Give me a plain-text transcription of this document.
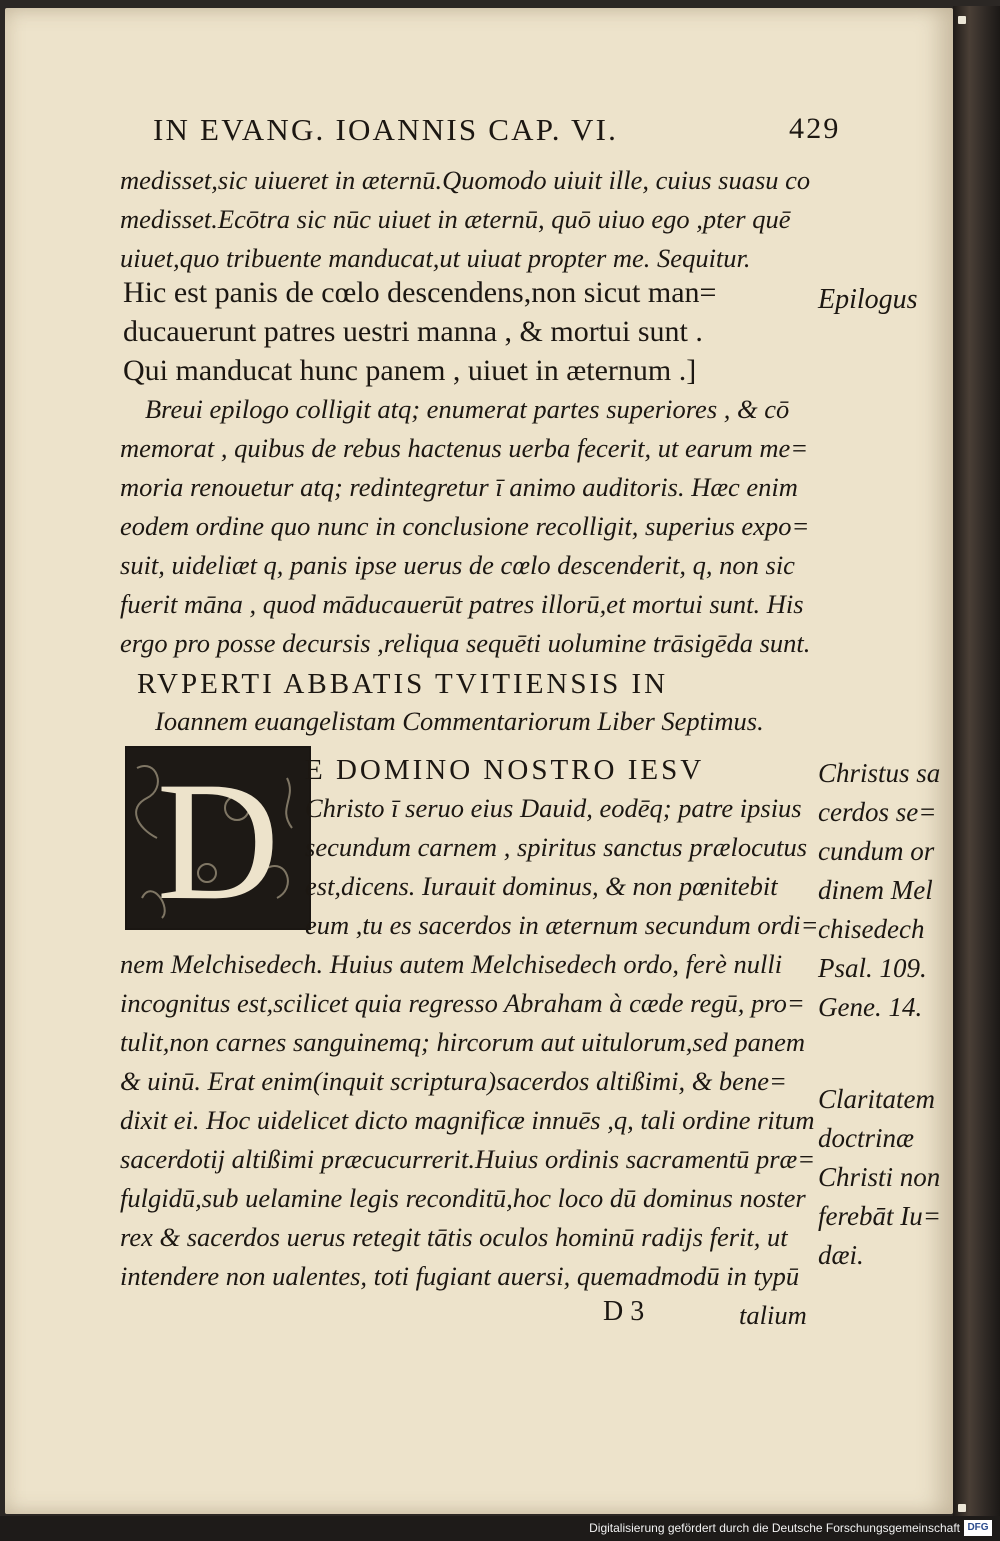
IN EVANG. IOANNIS CAP. VI.	429
medisset,sic uiueret in æternū.Quomodo uiuit ille, cuius suasu co
medisset.Ecōtra sic nūc uiuet in æternū, quō uiuo ego ,pter quē
uiuet,quo tribuente manducat,ut uiuat propter me. Sequitur.
Hic est panis de cœlo descendens,non sicut man=
ducauerunt patres uestri manna , & mortui sunt .
Qui manducat hunc panem , uiuet in æternum .]
Breui epilogo colligit atq; enumerat partes superiores , & cō
memorat , quibus de rebus hactenus uerba fecerit, ut earum me=
moria renouetur atq; redintegretur ī animo auditoris. Hæc enim
eodem ordine quo nunc in conclusione recolligit, superius expo=
suit, uideliæt q, panis ipse uerus de cœlo descenderit, q, non sic
fuerit māna , quod māducauerūt patres illorū,et mortui sunt. His
ergo pro posse decursis ,reliqua sequēti uolumine trāsigēda sunt.
RVPERTI ABBATIS TVITIENSIS IN
Ioannem euangelistam Commentariorum Liber Septimus.
D E DOMINO NOSTRO IESV
Christo ī seruo eius Dauid, eodēq; patre ipsius
secundum carnem , spiritus sanctus prælocutus
est,dicens. Iurauit dominus, & non pœnitebit
eum ,tu es sacerdos in æternum secundum ordi=
nem Melchisedech. Huius autem Melchisedech ordo, ferè nulli
incognitus est,scilicet quia regresso Abraham à cæde regū, pro=
tulit,non carnes sanguinemq; hircorum aut uitulorum,sed panem
& uinū. Erat enim(inquit scriptura)sacerdos altißimi, & bene=
dixit ei. Hoc uidelicet dicto magnificæ innuēs ,q, tali ordine ritum
sacerdotij altißimi præcucurrerit.Huius ordinis sacramentū præ=
fulgidū,sub uelamine legis reconditū,hoc loco dū dominus noster
rex & sacerdos uerus retegit tātis oculos hominū radijs ferit, ut
intendere non ualentes, toti fugiant auersi, quemadmodū in typū
D 3	talium
Epilogus
Christus sa
cerdos se=
cundum or
dinem Mel
chisedech
Psal. 109.
Gene. 14.
Claritatem
doctrinæ
Christi non
ferebāt Iu=
dæi.
Digitalisierung gefördert durch die Deutsche Forschungsgemeinschaft DFG
